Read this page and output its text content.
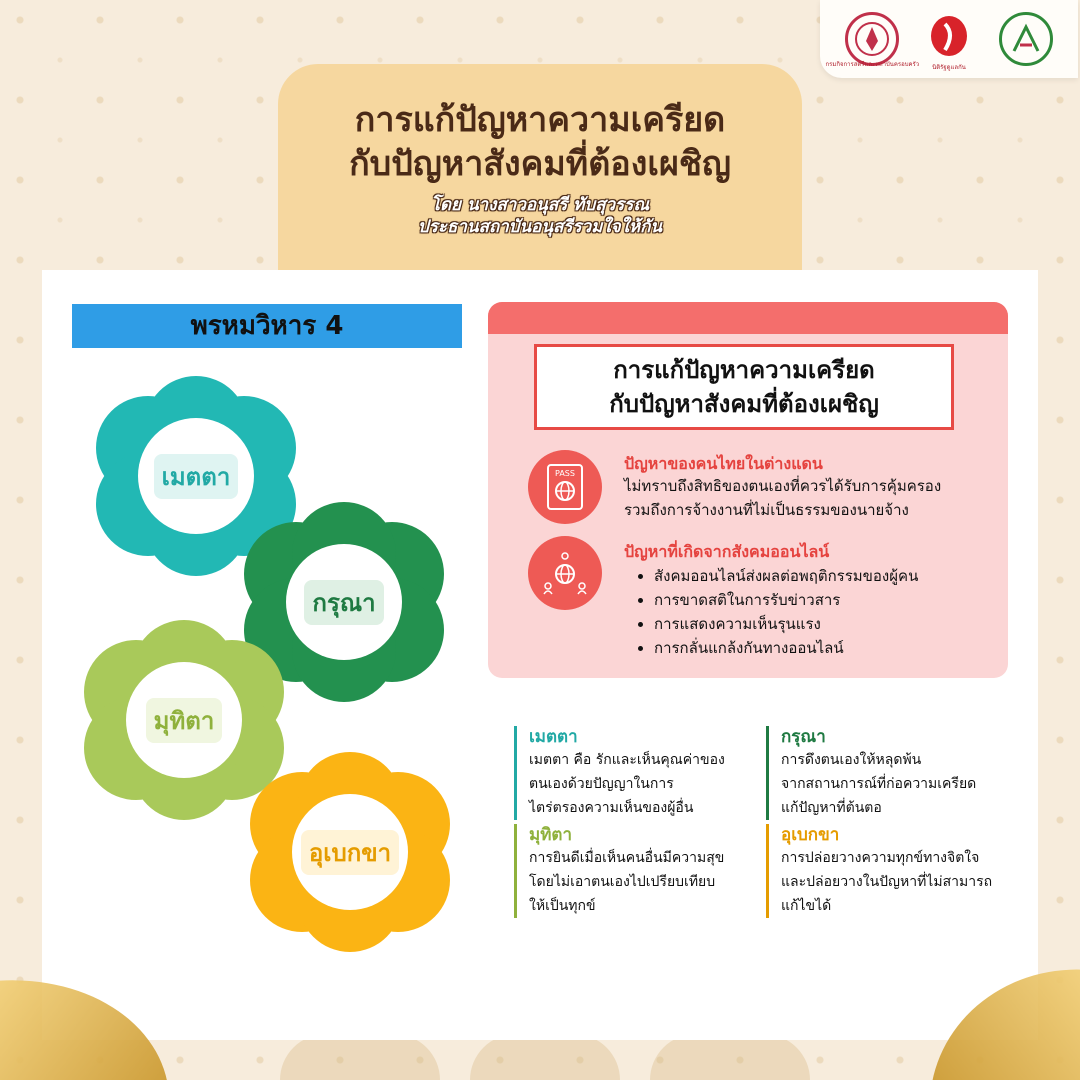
กรมกิจการสตรีและสถาบันครอบครัว นิติรัฐดูแลกัน
การแก้ปัญหาความเครียด
กับปัญหาสังคมที่ต้องเผชิญ
โดย นางสาวอนุสรี ทับสุวรรณ
ประธานสถาบันอนุสรีรวมใจให้กัน
พรหมวิหาร 4
เมตตา
กรุณา
มุทิตา
อุเบกขา
การแก้ปัญหาความเครียด
กับปัญหาสังคมที่ต้องเผชิญ
PASS
ปัญหาของคนไทยในต่างแดน
ไม่ทราบถึงสิทธิของตนเองที่ควรได้รับการคุ้มครอง
รวมถึงการจ้างงานที่ไม่เป็นธรรมของนายจ้าง
ปัญหาที่เกิดจากสังคมออนไลน์
• สังคมออนไลน์ส่งผลต่อพฤติกรรมของผู้คน
• การขาดสติในการรับข่าวสาร
• การแสดงความเห็นรุนแรง
• การกลั่นแกล้งกันทางออนไลน์
เมตตา
เมตตา คือ รักและเห็นคุณค่าของ
ตนเองด้วยปัญญาในการ
ไตร่ตรองความเห็นของผู้อื่น
กรุณา
การดึงตนเองให้หลุดพ้น
จากสถานการณ์ที่ก่อความเครียด
แก้ปัญหาที่ต้นตอ
มุทิตา
การยินดีเมื่อเห็นคนอื่นมีความสุข
โดยไม่เอาตนเองไปเปรียบเทียบ
ให้เป็นทุกข์
อุเบกขา
การปล่อยวางความทุกข์ทางจิตใจ
และปล่อยวางในปัญหาที่ไม่สามารถ
แก้ไขได้
